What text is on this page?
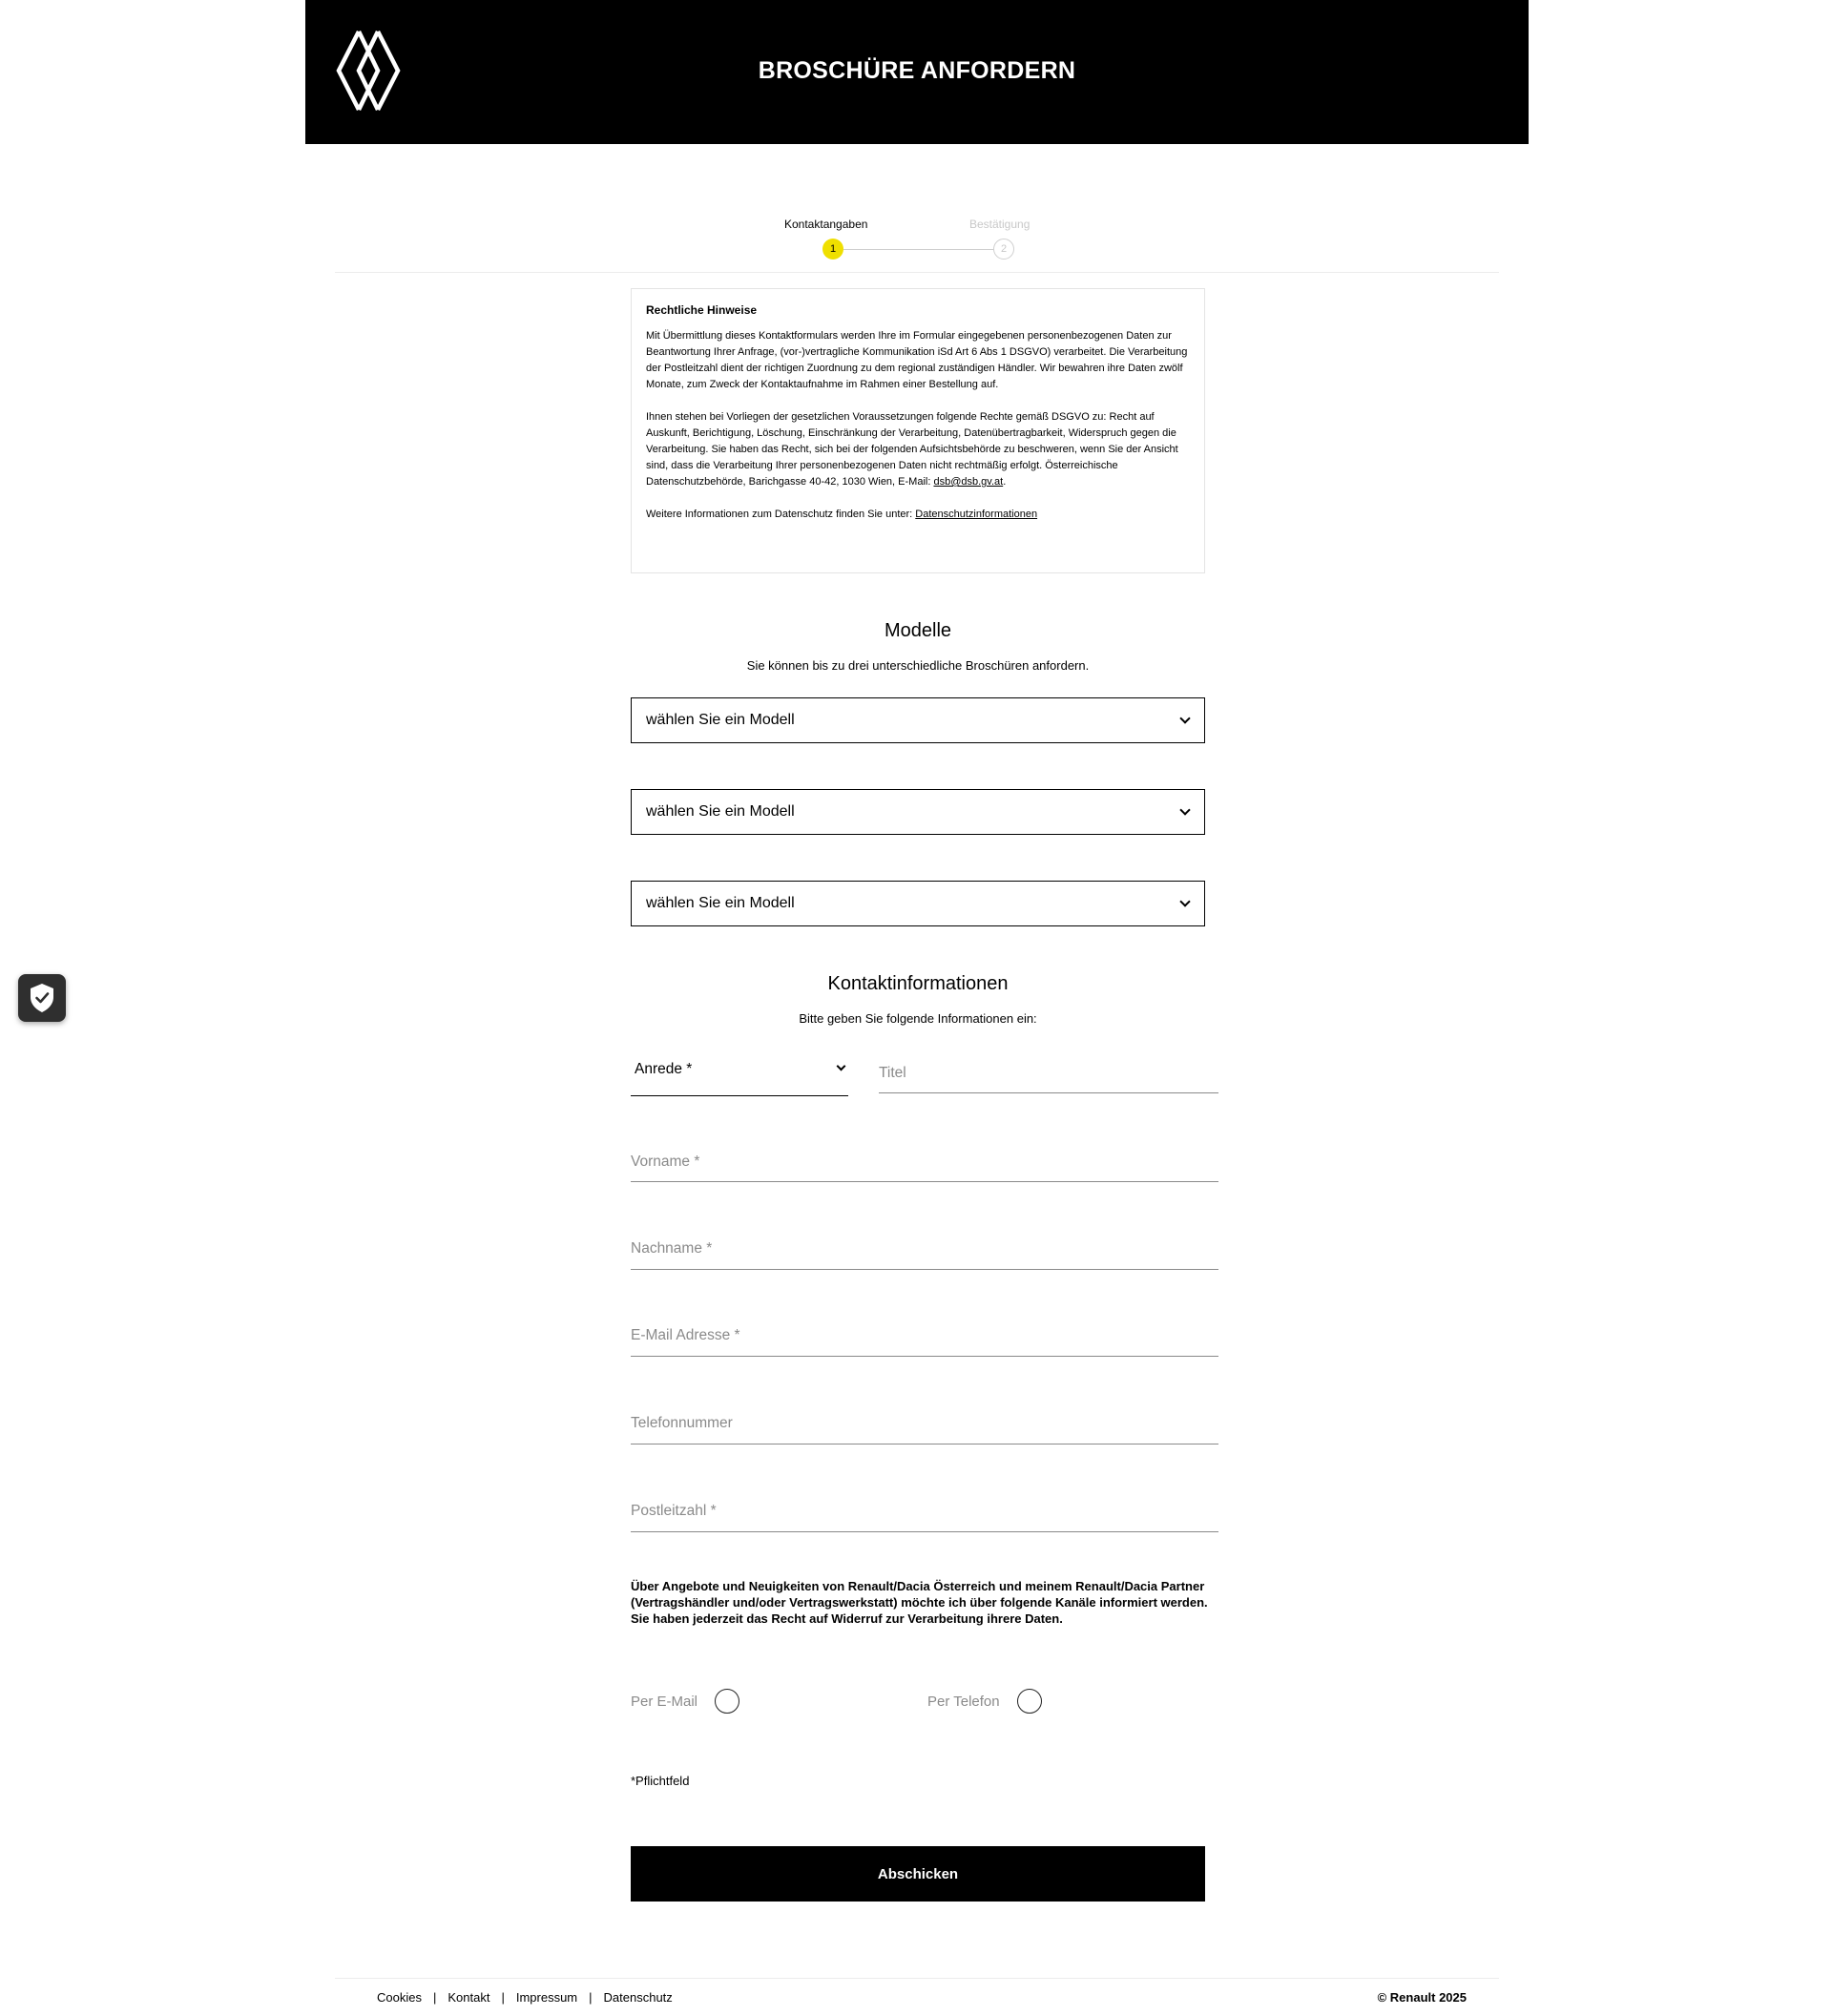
BROSCHÜRE ANFORDERN
Kontaktangaben	Bestätigung
1	2
Rechtliche Hinweise

Mit Übermittlung dieses Kontaktformulars werden Ihre im Formular eingegebenen personenbezogenen Daten zur Beantwortung Ihrer Anfrage, (vor-)vertragliche Kommunikation iSd Art 6 Abs 1 DSGVO) verarbeitet. Die Verarbeitung der Postleitzahl dient der richtigen Zuordnung zu dem regional zuständigen Händler. Wir bewahren ihre Daten zwölf Monate, zum Zweck der Kontaktaufnahme im Rahmen einer Bestellung auf.

Ihnen stehen bei Vorliegen der gesetzlichen Voraussetzungen folgende Rechte gemäß DSGVO zu: Recht auf Auskunft, Berichtigung, Löschung, Einschränkung der Verarbeitung, Datenübertragbarkeit, Widerspruch gegen die Verarbeitung. Sie haben das Recht, sich bei der folgenden Aufsichtsbehörde zu beschweren, wenn Sie der Ansicht sind, dass die Verarbeitung Ihrer personenbezogenen Daten nicht rechtmäßig erfolgt. Österreichische Datenschutzbehörde, Barichgasse 40-42, 1030 Wien, E-Mail: dsb@dsb.gv.at.

Weitere Informationen zum Datenschutz finden Sie unter: Datenschutzinformationen

Modelle
Sie können bis zu drei unterschiedliche Broschüren anfordern.
wählen Sie ein Modell
wählen Sie ein Modell
wählen Sie ein Modell
Kontaktinformationen
Bitte geben Sie folgende Informationen ein:
Anrede *	Titel
Vorname *
Nachname *
E-Mail Adresse *
Telefonnummer
Postleitzahl *
Über Angebote und Neuigkeiten von Renault/Dacia Österreich und meinem Renault/Dacia Partner (Vertragshändler und/oder Vertragswerkstatt) möchte ich über folgende Kanäle informiert werden. Sie haben jederzeit das Recht auf Widerruf zur Verarbeitung ihrere Daten.
Per E-Mail	Per Telefon
*Pflichtfeld
Abschicken
Cookies | Kontakt | Impressum | Datenschutz	© Renault 2025
